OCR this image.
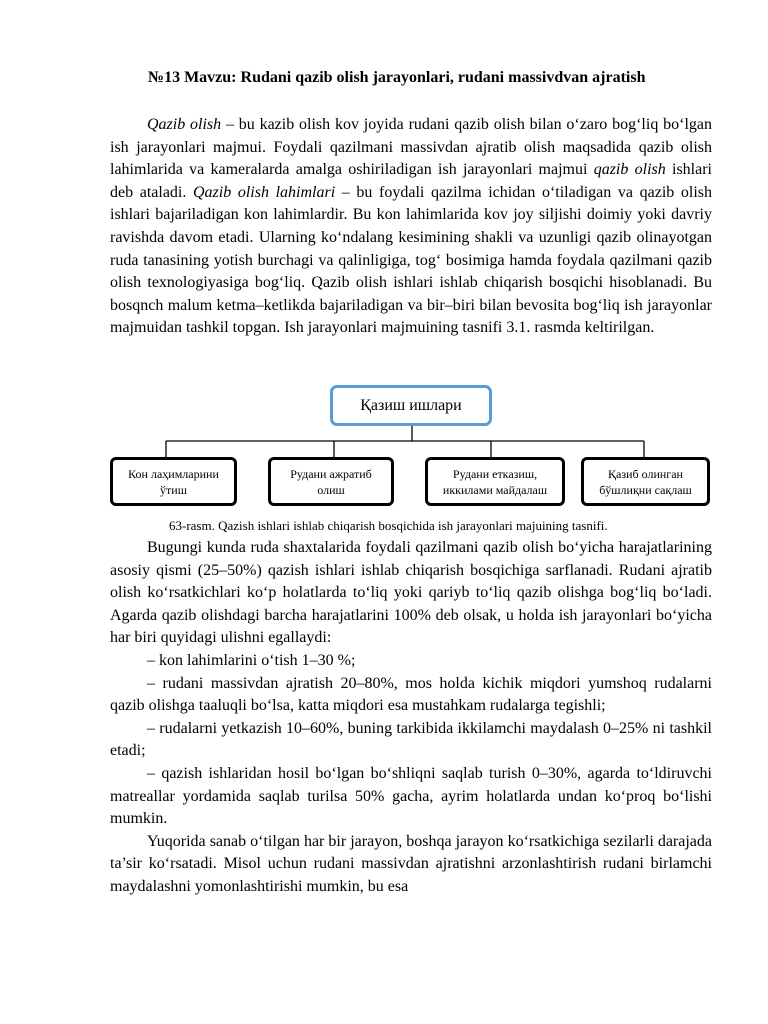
№13 Mavzu: Rudani qazib olish jarayonlari, rudani massivdvan ajratish

Qazib olish – bu kazib olish kov joyida rudani qazib olish bilan o‘zaro bog‘liq bo‘lgan ish jarayonlari majmui. Foydali qazilmani massivdan ajratib olish maqsadida qazib olish lahimlarida va kameralarda amalga oshiriladigan ish jarayonlari majmui qazib olish ishlari deb ataladi. Qazib olish lahimlari – bu foydali qazilma ichidan o‘tiladigan va qazib olish ishlari bajariladigan kon lahimlardir. Bu kon lahimlarida kov joy siljishi doimiy yoki davriy ravishda davom etadi. Ularning ko‘ndalang kesimining shakli va uzunligi qazib olinayotgan ruda tanasining yotish burchagi va qalinligiga, tog‘ bosimiga hamda foydala qazilmani qazib olish texnologiyasiga bog‘liq. Qazib olish ishlari ishlab chiqarish bosqichi hisoblanadi. Bu bosqnch malum ketma–ketlikda bajariladigan va bir–biri bilan bevosita bog‘liq ish jarayonlar majmuidan tashkil topgan. Ish jarayonlari majmuining tasnifi 3.1. rasmda keltirilgan.

Қазиш ишлари
Кон лаҳимларини ўтиш
Рудани ажратиб олиш
Рудани етказиш, иккилами майдалаш
Қазиб олинган бўшлиқни сақлаш
63-rasm. Qazish ishlari ishlab chiqarish bosqichida ish jarayonlari majuining tasnifi.

Bugungi kunda ruda shaxtalarida foydali qazilmani qazib olish bo‘yicha harajatlarining asosiy qismi (25–50%) qazish ishlari ishlab chiqarish bosqichiga sarflanadi. Rudani ajratib olish ko‘rsatkichlari ko‘p holatlarda to‘liq yoki qariyb to‘liq qazib olishga bog‘liq bo‘ladi. Agarda qazib olishdagi barcha harajatlarini 100% deb olsak, u holda ish jarayonlari bo‘yicha har biri quyidagi ulishni egallaydi:

– kon lahimlarini o‘tish 1–30 %;

– rudani massivdan ajratish 20–80%, mos holda kichik miqdori yumshoq rudalarni qazib olishga taaluqli bo‘lsa, katta miqdori esa mustahkam rudalarga tegishli;

– rudalarni yetkazish 10–60%, buning tarkibida ikkilamchi maydalash 0–25% ni tashkil etadi;

– qazish ishlaridan hosil bo‘lgan bo‘shliqni saqlab turish 0–30%, agarda to‘ldiruvchi matreallar yordamida saqlab turilsa 50% gacha, ayrim holatlarda undan ko‘proq bo‘lishi mumkin.

Yuqorida sanab o‘tilgan har bir jarayon, boshqa jarayon ko‘rsatkichiga sezilarli darajada ta’sir ko‘rsatadi. Misol uchun rudani massivdan ajratishni arzonlashtirish rudani birlamchi maydalashni yomonlashtirishi mumkin, bu esa
